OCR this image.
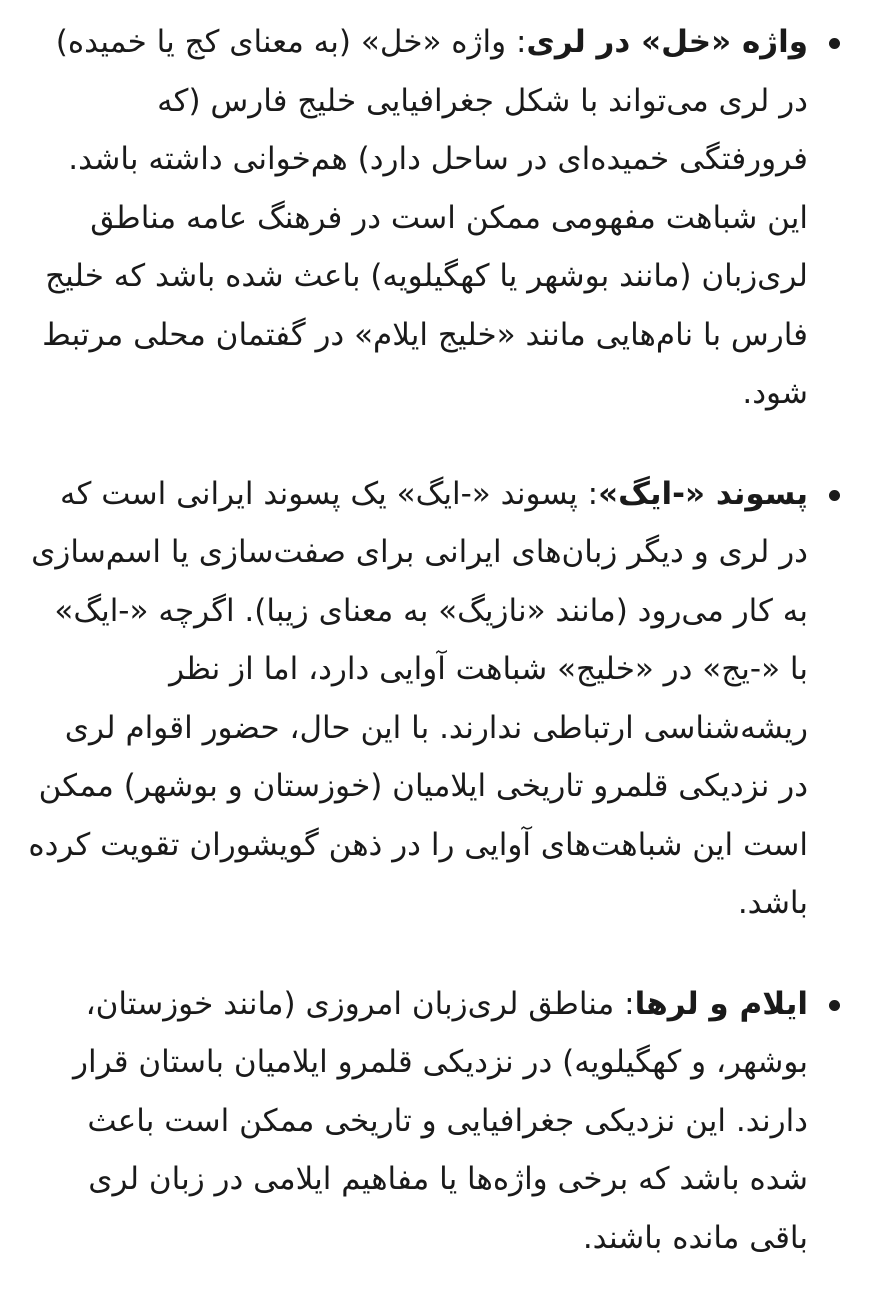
واژه «خل» در لری: واژه «خل» (به معنای کج یا خمیده) در لری می‌تواند با شکل جغرافیایی خلیج فارس (که فرورفتگی خمیده‌ای در ساحل دارد) هم‌خوانی داشته باشد. این شباهت مفهومی ممکن است در فرهنگ عامه مناطق لری‌زبان (مانند بوشهر یا کهگیلویه) باعث شده باشد که خلیج فارس با نام‌هایی مانند «خلیج ایلام» در گفتمان محلی مرتبط شود.
پسوند «-ایگ»: پسوند «-ایگ» یک پسوند ایرانی است که در لری و دیگر زبان‌های ایرانی برای صفت‌سازی یا اسم‌سازی به کار می‌رود (مانند «نازیگ» به معنای زیبا). اگرچه «-ایگ» با «-یج» در «خلیج» شباهت آوایی دارد، اما از نظر ریشه‌شناسی ارتباطی ندارند. با این حال، حضور اقوام لری در نزدیکی قلمرو تاریخی ایلامیان (خوزستان و بوشهر) ممکن است این شباهت‌های آوایی را در ذهن گویشوران تقویت کرده باشد.
ایلام و لرها: مناطق لری‌زبان امروزی (مانند خوزستان، بوشهر، و کهگیلویه) در نزدیکی قلمرو ایلامیان باستان قرار دارند. این نزدیکی جغرافیایی و تاریخی ممکن است باعث شده باشد که برخی واژه‌ها یا مفاهیم ایلامی در زبان لری باقی مانده باشند.
